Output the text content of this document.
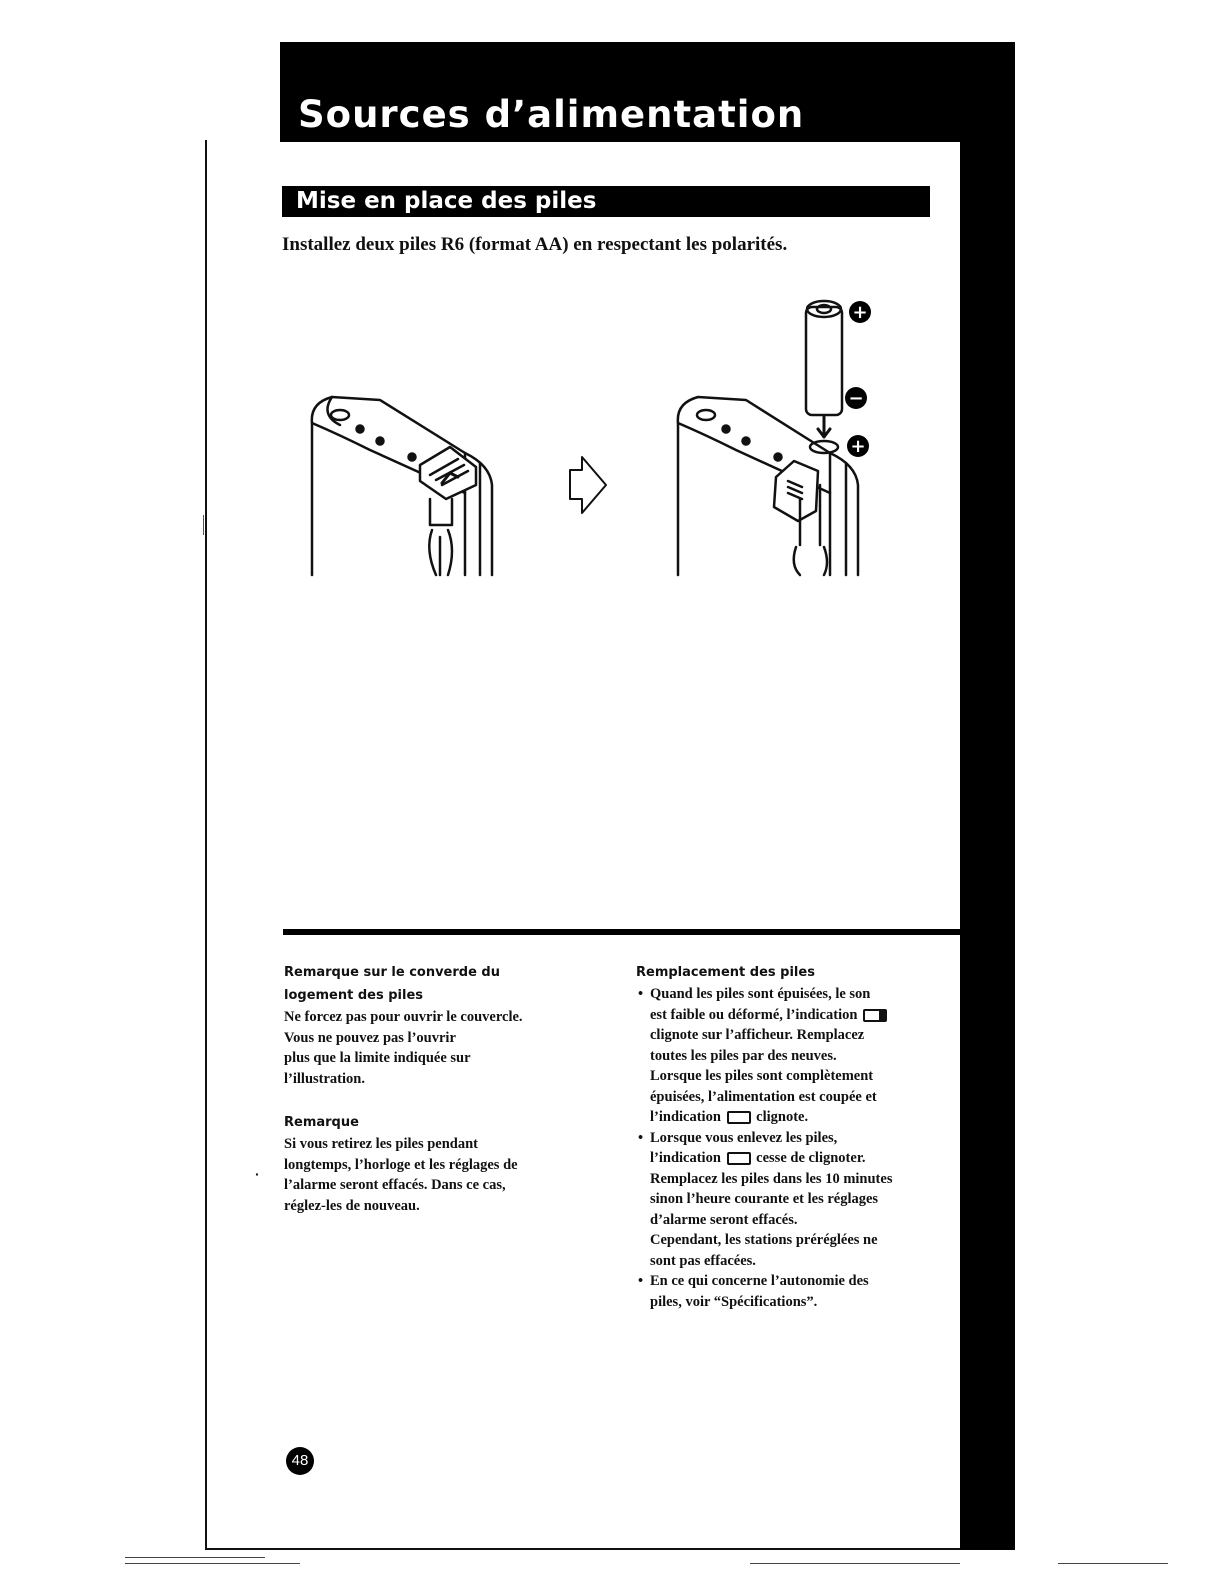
Sources d’alimentation
Mise en place des piles

Installez deux piles R6 (format AA) en respectant les polarités.

+
−
+
Remarque sur le converde du
logement des piles

Ne forcez pas pour ouvrir le couvercle.
Vous ne pouvez pas l’ouvrir
plus que la limite indiquée sur
l’illustration.

Remarque

Si vous retirez les piles pendant
longtemps, l’horloge et les réglages de
l’alarme seront effacés. Dans ce cas,
réglez-les de nouveau.

·
Remplacement des piles
• Quand les piles sont épuisées, le son
est faible ou déformé, l’indication
clignote sur l’afficheur. Remplacez
toutes les piles par des neuves.
Lorsque les piles sont complètement
épuisées, l’alimentation est coupée et
l’indication clignote.
• Lorsque vous enlevez les piles,
l’indication cesse de clignoter.
Remplacez les piles dans les 10 minutes
sinon l’heure courante et les réglages
d’alarme seront effacés.
Cependant, les stations préréglées ne
sont pas effacées.
• En ce qui concerne l’autonomie des
piles, voir “Spécifications”.
48
